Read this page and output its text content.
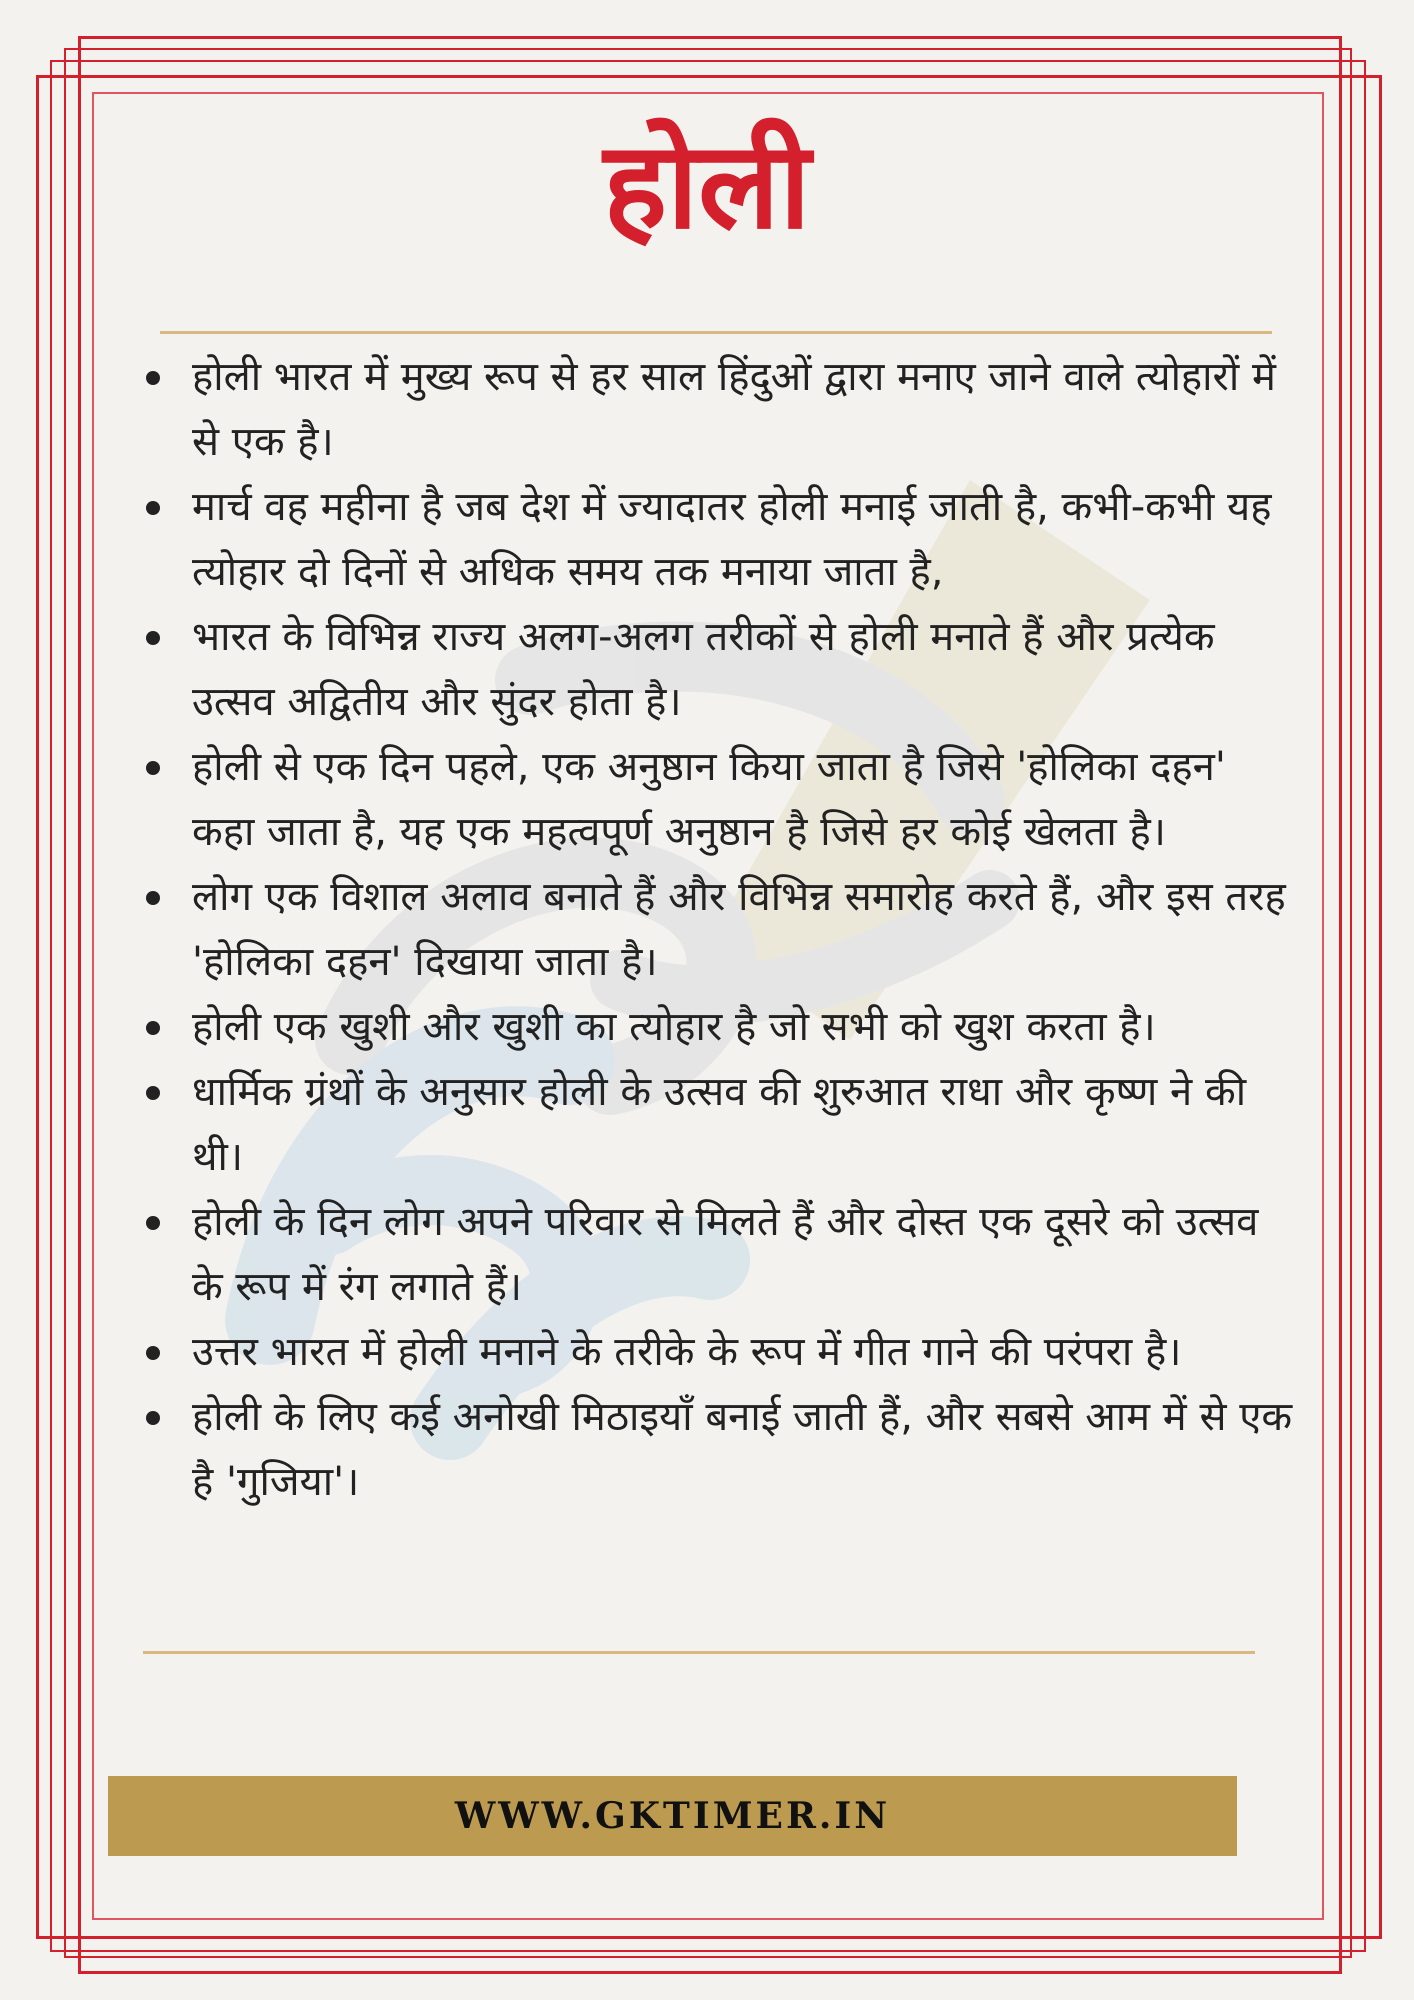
होली
होली भारत में मुख्य रूप से हर साल हिंदुओं द्वारा मनाए जाने वाले त्योहारों में से एक है।
मार्च वह महीना है जब देश में ज्यादातर होली मनाई जाती है, कभी-कभी यह त्योहार दो दिनों से अधिक समय तक मनाया जाता है,
भारत के विभिन्न राज्य अलग-अलग तरीकों से होली मनाते हैं और प्रत्येक उत्सव अद्वितीय और सुंदर होता है।
होली से एक दिन पहले, एक अनुष्ठान किया जाता है जिसे 'होलिका दहन' कहा जाता है, यह एक महत्वपूर्ण अनुष्ठान है जिसे हर कोई खेलता है।
लोग एक विशाल अलाव बनाते हैं और विभिन्न समारोह करते हैं, और इस तरह 'होलिका दहन' दिखाया जाता है।
होली एक खुशी और खुशी का त्योहार है जो सभी को खुश करता है।
धार्मिक ग्रंथों के अनुसार होली के उत्सव की शुरुआत राधा और कृष्ण ने की थी।
होली के दिन लोग अपने परिवार से मिलते हैं और दोस्त एक दूसरे को उत्सव के रूप में रंग लगाते हैं।
उत्तर भारत में होली मनाने के तरीके के रूप में गीत गाने की परंपरा है।
होली के लिए कई अनोखी मिठाइयाँ बनाई जाती हैं, और सबसे आम में से एक है 'गुजिया'।
WWW.GKTIMER.IN
